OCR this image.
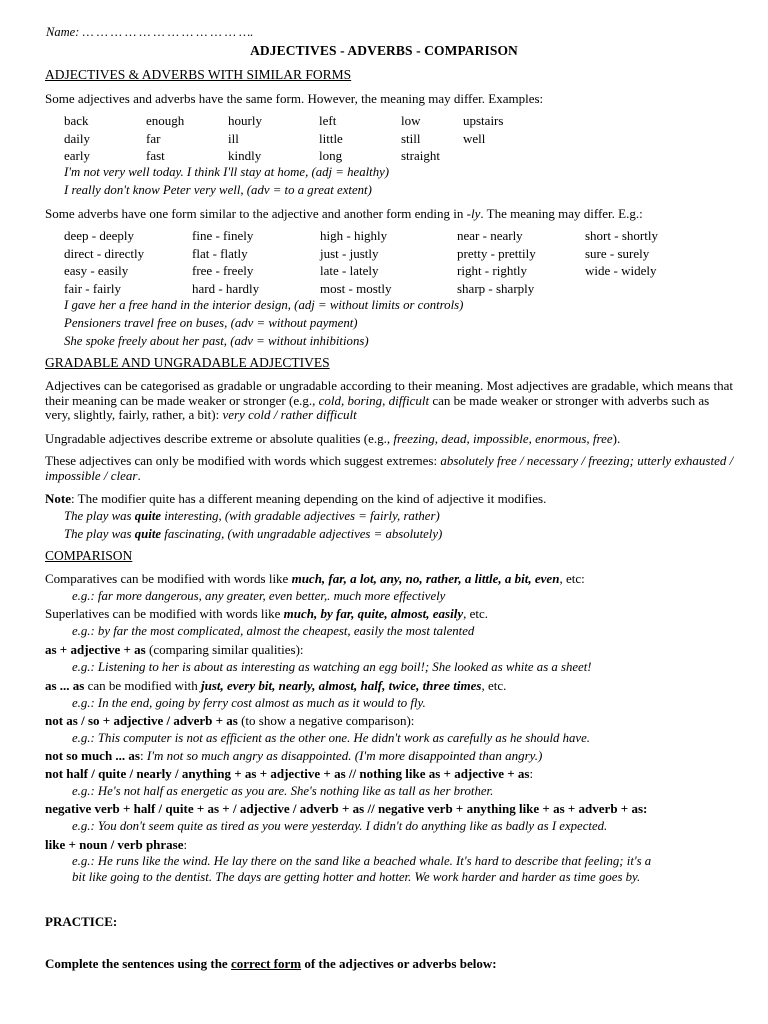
Name: … … … … … … … … … … … ….
ADJECTIVES - ADVERBS - COMPARISON
ADJECTIVES & ADVERBS WITH SIMILAR FORMS
Some adjectives and adverbs have the same form. However, the meaning may differ. Examples:
back	enough	hourly	left	low	upstairs
daily	far	ill	little	still	well
early	fast	kindly	long	straight	
I'm not very well today. I think I'll stay at home, (adj = healthy)
I really don't know Peter very well, (adv = to a great extent)
Some adverbs have one form similar to the adjective and another form ending in -ly. The meaning may differ. E.g.:
deep - deeply	fine - finely	high - highly	near - nearly	short - shortly
direct - directly	flat - flatly	just - justly	pretty - prettily	sure - surely
easy - easily	free - freely	late - lately	right - rightly	wide - widely
fair - fairly	hard - hardly	most - mostly	sharp - sharply	
I gave her a free hand in the interior design, (adj = without limits or controls)
Pensioners travel free on buses, (adv = without payment)
She spoke freely about her past, (adv = without inhibitions)
GRADABLE AND UNGRADABLE ADJECTIVES
Adjectives can be categorised as gradable or ungradable according to their meaning. Most adjectives are gradable, which means that their meaning can be made weaker or stronger (e.g., cold, boring, difficult can be made weaker or stronger with adverbs such as very, slightly, fairly, rather, a bit): very cold / rather difficult
Ungradable adjectives describe extreme or absolute qualities (e.g., freezing, dead, impossible, enormous, free).
These adjectives can only be modified with words which suggest extremes: absolutely free / necessary / freezing; utterly exhausted / impossible / clear.
Note: The modifier quite has a different meaning depending on the kind of adjective it modifies.
The play was quite interesting, (with gradable adjectives = fairly, rather)
The play was quite fascinating, (with ungradable adjectives = absolutely)
COMPARISON
Comparatives can be modified with words like much, far, a lot, any, no, rather, a little, a bit, even, etc:
e.g.: far more dangerous, any greater, even better,. much more effectively
Superlatives can be modified with words like much, by far, quite, almost, easily, etc.
e.g.: by far the most complicated, almost the cheapest, easily the most talented
as + adjective + as (comparing similar qualities):
e.g.: Listening to her is about as interesting as watching an egg boil!; She looked as white as a sheet!
as ... as can be modified with just, every bit, nearly, almost, half, twice, three times, etc.
e.g.: In the end, going by ferry cost almost as much as it would to fly.
not as / so + adjective / adverb + as (to show a negative comparison):
e.g.: This computer is not as efficient as the other one. He didn't work as carefully as he should have.
not so much ... as: I'm not so much angry as disappointed. (I'm more disappointed than angry.)
not half / quite / nearly / anything + as + adjective + as // nothing like as + adjective + as:
e.g.: He's not half as energetic as you are. She's nothing like as tall as her brother.
negative verb + half / quite + as + / adjective / adverb + as // negative verb + anything like + as + adverb + as:
e.g.: You don't seem quite as tired as you were yesterday. I didn't do anything like as badly as I expected.
like + noun / verb phrase:
e.g.: He runs like the wind. He lay there on the sand like a beached whale. It's hard to describe that feeling; it's a
bit like going to the dentist. The days are getting hotter and hotter. We work harder and harder as time goes by.
PRACTICE:
Complete the sentences using the correct form of the adjectives or adverbs below:
